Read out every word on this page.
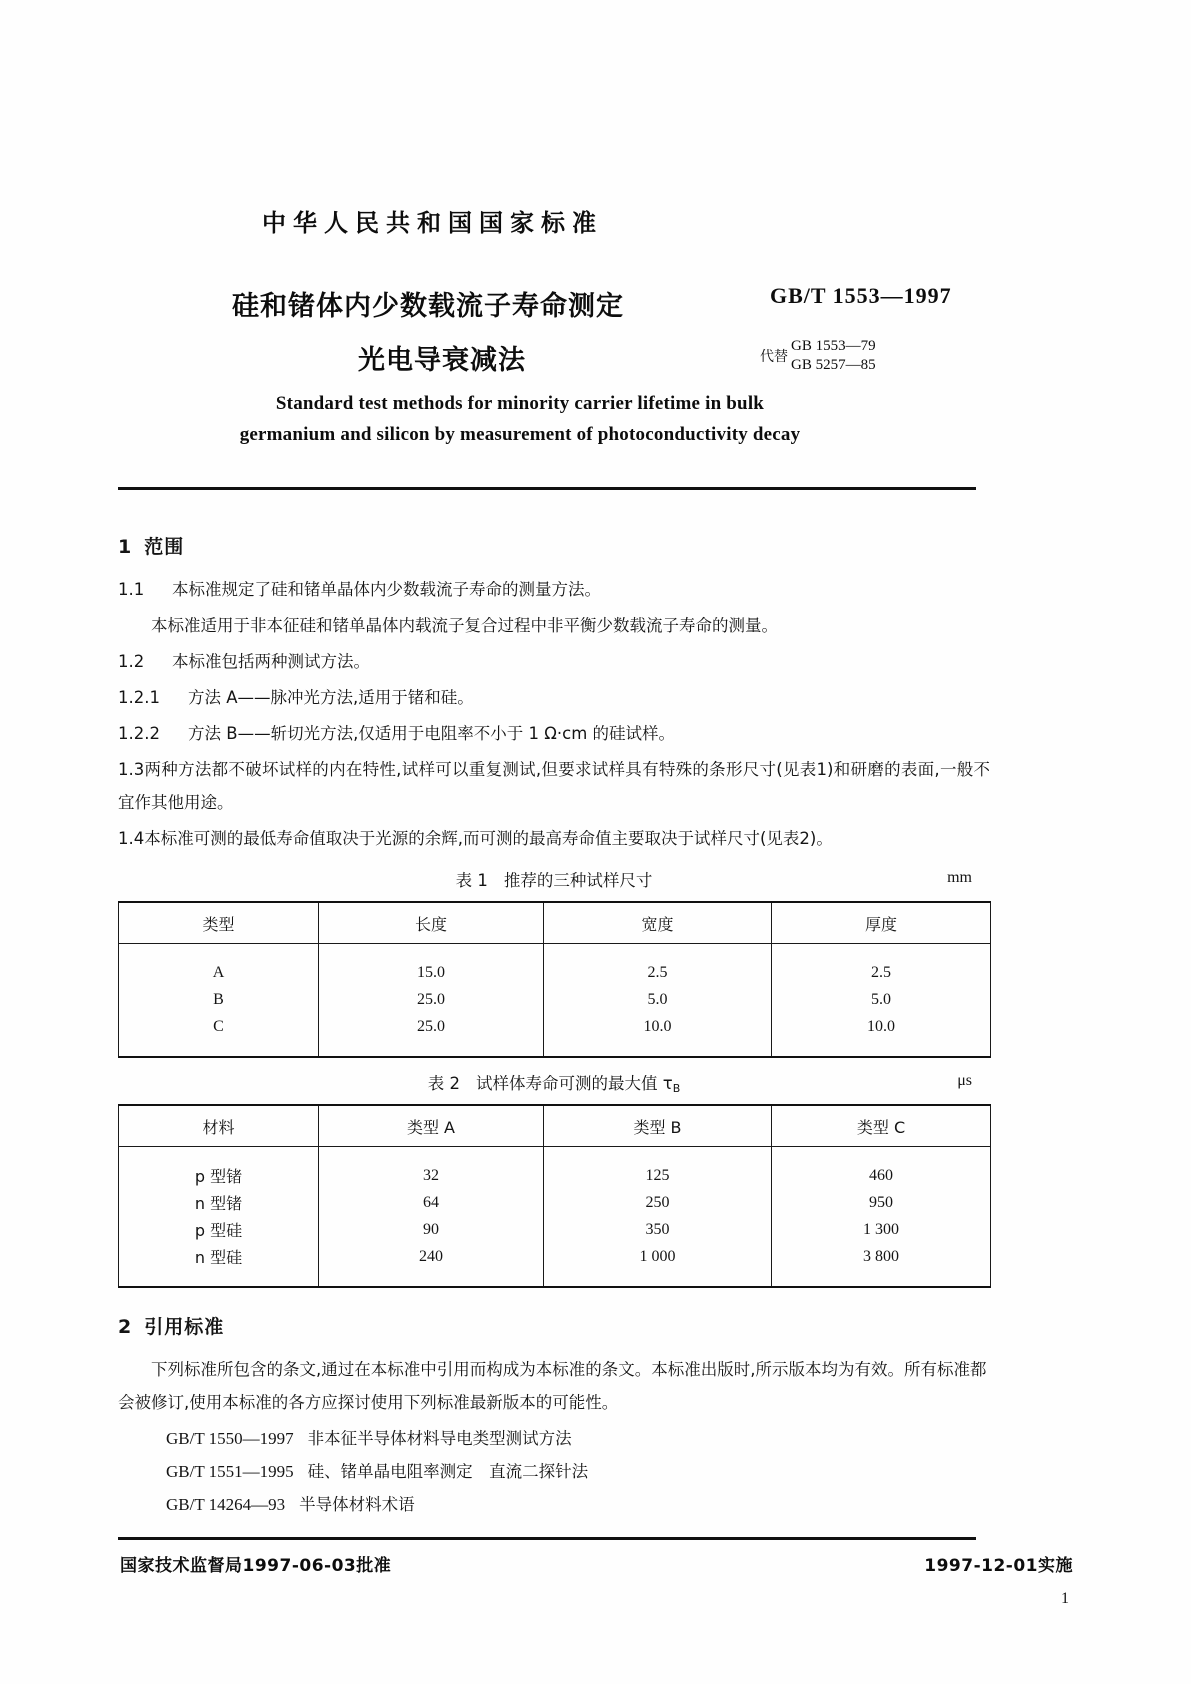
中华人民共和国国家标准
硅和锗体内少数载流子寿命测定
光电导衰减法
GB/T 1553—1997
代替
GB 1553—79
GB 5257—85
Standard test methods for minority carrier lifetime in bulk
germanium and silicon by measurement of photoconductivity decay
1 范围
1.1 本标准规定了硅和锗单晶体内少数载流子寿命的测量方法。
本标准适用于非本征硅和锗单晶体内载流子复合过程中非平衡少数载流子寿命的测量。
1.2 本标准包括两种测试方法。
1.2.1 方法 A——脉冲光方法,适用于锗和硅。
1.2.2 方法 B——斩切光方法,仅适用于电阻率不小于 1 Ω·cm 的硅试样。
1.3两种方法都不破坏试样的内在特性,试样可以重复测试,但要求试样具有特殊的条形尺寸(见表1)和研磨的表面,一般不宜作其他用途。
1.4本标准可测的最低寿命值取决于光源的余辉,而可测的最高寿命值主要取决于试样尺寸(见表2)。
表 1 推荐的三种试样尺寸	mm
类型	长度	宽度	厚度

A	15.0	2.5	2.5
B	25.0	5.0	5.0
C	25.0	10.0	10.0

表 2 试样体寿命可测的最大值 $\tau_B$	μs
材料	类型 A	类型 B	类型 C

p 型锗	32	125	460
n 型锗	64	250	950
p 型硅	90	350	1 300
n 型硅	240	1 000	3 800

2 引用标准
下列标准所包含的条文,通过在本标准中引用而构成为本标准的条文。本标准出版时,所示版本均为有效。所有标准都会被修订,使用本标准的各方应探讨使用下列标准最新版本的可能性。
GB/T 1550—1997 非本征半导体材料导电类型测试方法
GB/T 1551—1995 硅、锗单晶电阻率测定　直流二探针法
GB/T 14264—93 半导体材料术语
国家技术监督局1997-06-03批准	1997-12-01实施
1
